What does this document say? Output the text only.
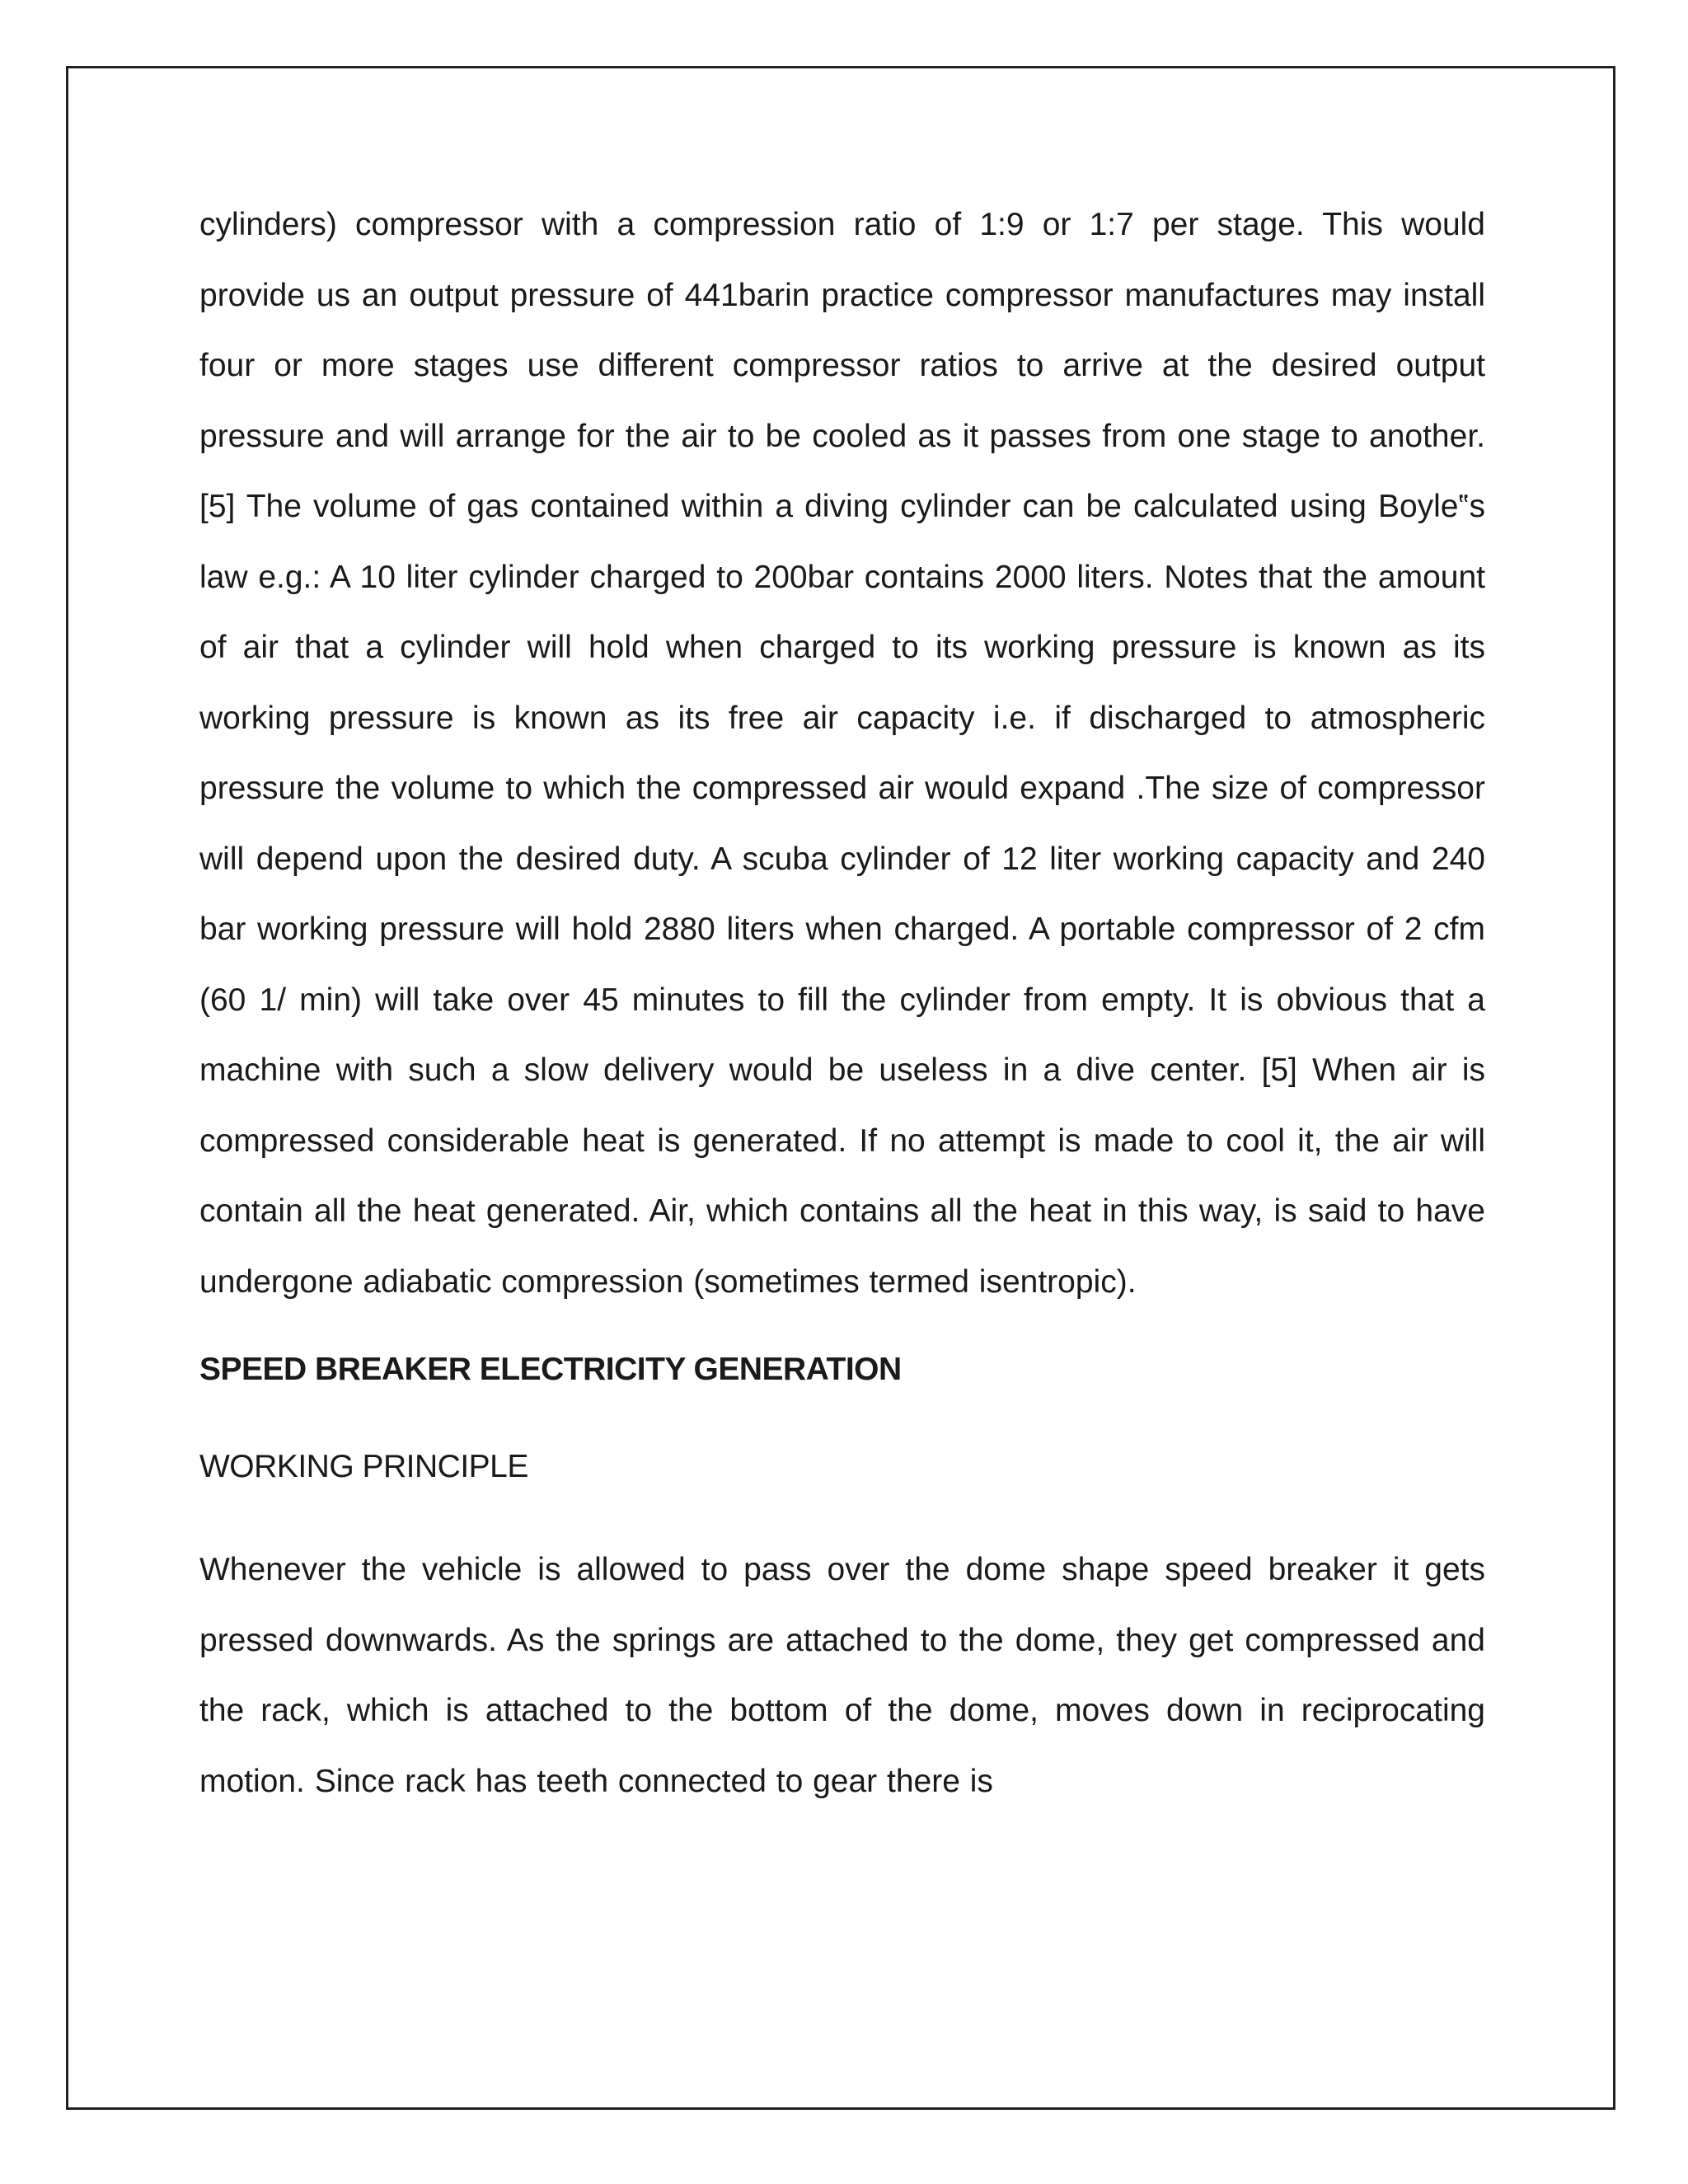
cylinders) compressor with a compression ratio of 1:9 or 1:7 per stage. This would provide us an output pressure of 441barin practice compressor manufactures may install four or more stages use different compressor ratios to arrive at the desired output pressure and will arrange for the air to be cooled as it passes from one stage to another. [5] The volume of gas contained within a diving cylinder can be calculated using Boyle‟s law e.g.: A 10 liter cylinder charged to 200bar contains 2000 liters. Notes that the amount of air that a cylinder will hold when charged to its working pressure is known as its working pressure is known as its free air capacity i.e. if discharged to atmospheric pressure the volume to which the compressed air would expand .The size of compressor will depend upon the desired duty. A scuba cylinder of 12 liter working capacity and 240 bar working pressure will hold 2880 liters when charged. A portable compressor of 2 cfm (60 1/ min) will take over 45 minutes to fill the cylinder from empty. It is obvious that a machine with such a slow delivery would be useless in a dive center. [5] When air is compressed considerable heat is generated. If no attempt is made to cool it, the air will contain all the heat generated. Air, which contains all the heat in this way, is said to have undergone adiabatic compression (sometimes termed isentropic).

SPEED BREAKER ELECTRICITY GENERATION

WORKING PRINCIPLE

Whenever the vehicle is allowed to pass over the dome shape speed breaker it gets pressed downwards. As the springs are attached to the dome, they get compressed and the rack, which is attached to the bottom of the dome, moves down in reciprocating motion. Since rack has teeth connected to gear there is
